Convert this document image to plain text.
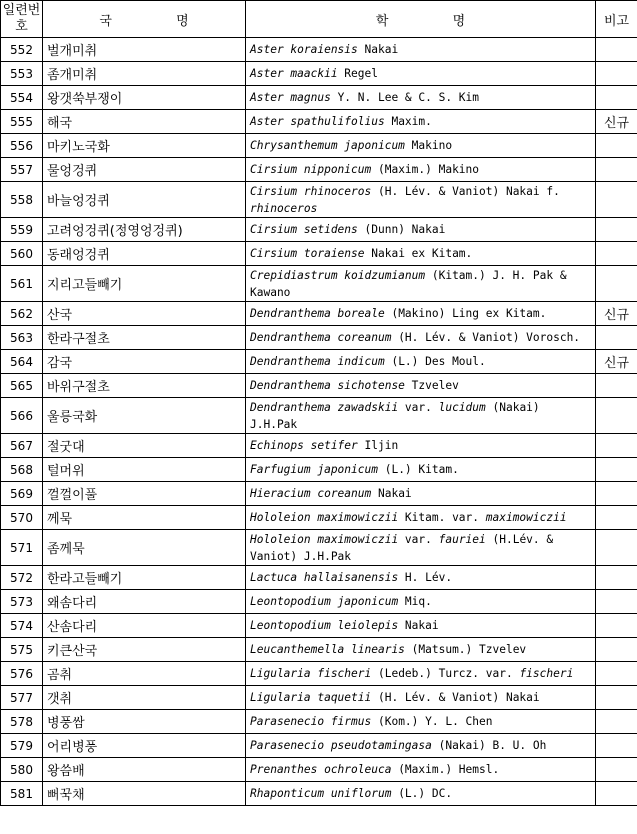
일련번호	국 명	학 명	비고
552	벌개미취	Aster koraiensis Nakai	
553	좀개미취	Aster maackii Regel	
554	왕갯쑥부쟁이	Aster magnus Y. N. Lee & C. S. Kim	
555	해국	Aster spathulifolius Maxim.	신규
556	마키노국화	Chrysanthemum japonicum Makino	
557	물엉겅퀴	Cirsium nipponicum (Maxim.) Makino	
558	바늘엉겅퀴	Cirsium rhinoceros (H. Lév. & Vaniot) Nakai f. rhinoceros	
559	고려엉겅퀴(정영엉겅퀴)	Cirsium setidens (Dunn) Nakai	
560	동래엉겅퀴	Cirsium toraiense Nakai ex Kitam.	
561	지리고들빼기	Crepidiastrum koidzumianum (Kitam.) J. H. Pak & Kawano	
562	산국	Dendranthema boreale (Makino) Ling ex Kitam.	신규
563	한라구절초	Dendranthema coreanum (H. Lév. & Vaniot) Vorosch.	
564	감국	Dendranthema indicum (L.) Des Moul.	신규
565	바위구절초	Dendranthema sichotense Tzvelev	
566	울릉국화	Dendranthema zawadskii var. lucidum (Nakai) J.H.Pak	
567	절굿대	Echinops setifer Iljin	
568	털머위	Farfugium japonicum (L.) Kitam.	
569	껄껄이풀	Hieracium coreanum Nakai	
570	께묵	Hololeion maximowiczii Kitam. var. maximowiczii	
571	좀께묵	Hololeion maximowiczii var. fauriei (H.Lév. & Vaniot) J.H.Pak	
572	한라고들빼기	Lactuca hallaisanensis H. Lév.	
573	왜솜다리	Leontopodium japonicum Miq.	
574	산솜다리	Leontopodium leiolepis Nakai	
575	키큰산국	Leucanthemella linearis (Matsum.) Tzvelev	
576	곰취	Ligularia fischeri (Ledeb.) Turcz. var. fischeri	
577	갯취	Ligularia taquetii (H. Lév. & Vaniot) Nakai	
578	병풍쌈	Parasenecio firmus (Kom.) Y. L. Chen	
579	어리병풍	Parasenecio pseudotamingasa (Nakai) B. U. Oh	
580	왕씀배	Prenanthes ochroleuca (Maxim.) Hemsl.	
581	뻐꾹채	Rhaponticum uniflorum (L.) DC.	
